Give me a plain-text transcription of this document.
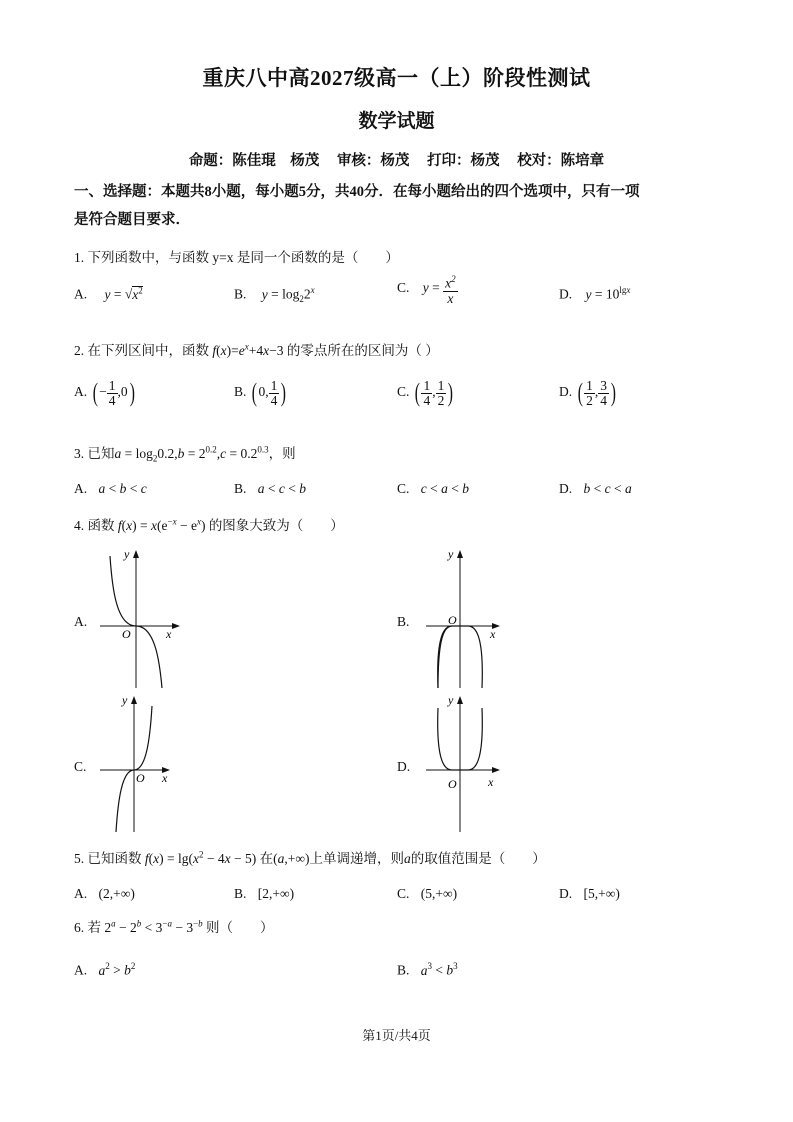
重庆八中高2027级高一（上）阶段性测试
数学试题
命题：陈佳琨　杨茂 审核：杨茂 打印：杨茂 校对：陈培章
一、选择题：本题共8小题，每小题5分，共40分．在每小题给出的四个选项中，只有一项
是符合题目要求．
1. 下列函数中，与函数 y=x 是同一个函数的是（　　）
A. $y = √x^2$	B. $y = \log_22^x$	C. $y = \frac{x^2}{x}$	D. $y = 10^{lgx}$
2. 在下列区间中，函数 $f(x)=e^x+4x-3$ 的零点所在的区间为（ ）
A. ( − $\frac{1}{4} ,0$)	B. ( 0, $\frac{1}{4}$ )	C. ( $\frac{1}{4}$ , $\frac{1}{2}$ )	D. ( $\frac{1}{2}$ , $\frac{3}{4}$ )
3. 已知$a = \log_20.2,b = 2^{0.2},c = 0.2^{0.3}$，则
A. a < b < c	B. a < c < b	C. c < a < b	D. b < c < a
4. 函数 $f(x) = x(e^{-x} - e^x)$ 的图象大致为（　　）
A.
y
x
O
B.
y
x
O
C.
y
x
O
D.
y
x
O
5. 已知函数 $f(x) = \lg(x^2 - 4x - 5)$ 在(a,+∞)上单调递增，则a的取值范围是（　　）
A. (2,+∞)	B. [2,+∞)	C. (5,+∞)	D. [5,+∞)
6. 若 $2^a - 2^b < 3^{-a} - 3^{-b}$ 则（　　）
A. $a^2 > b^2$	B. $a^3 < b^3$
第1页/共4页
